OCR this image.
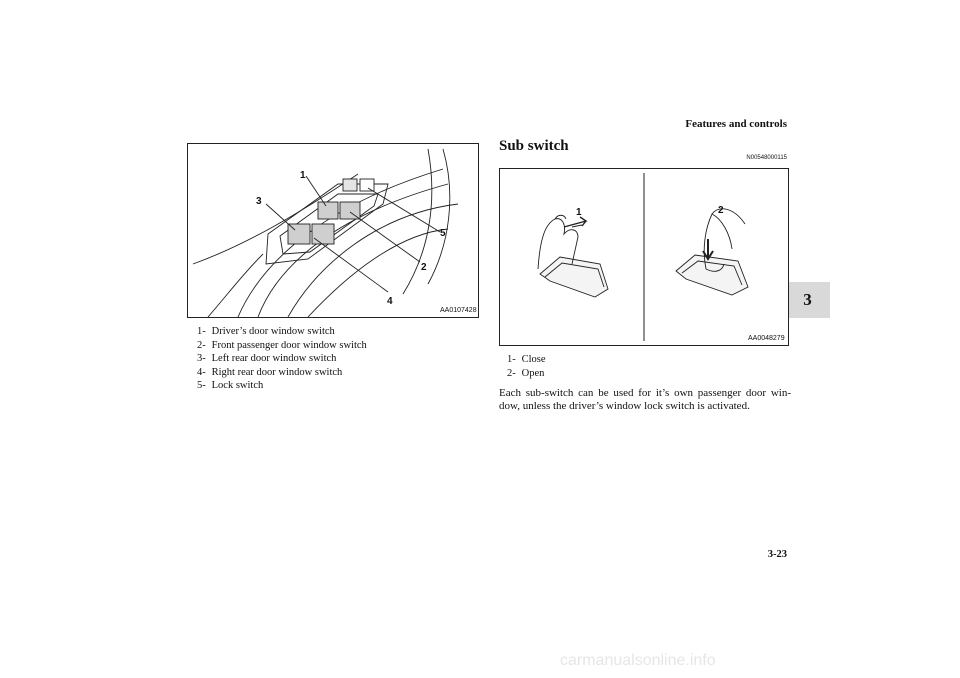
Features and controls
3
1
2
3
4
5
AA0107428
1-
Driver’s door window switch
2-
Front passenger door window switch
3-
Left rear door window switch
4-
Right rear door window switch
5-
Lock switch
Sub switch
N00548000115
1	2
AA0048279
1-
Close
2-
Open
Each sub-switch can be used for it’s own passenger door win-dow, unless the driver’s window lock switch is activated.
3-23
carmanualsonline.info
